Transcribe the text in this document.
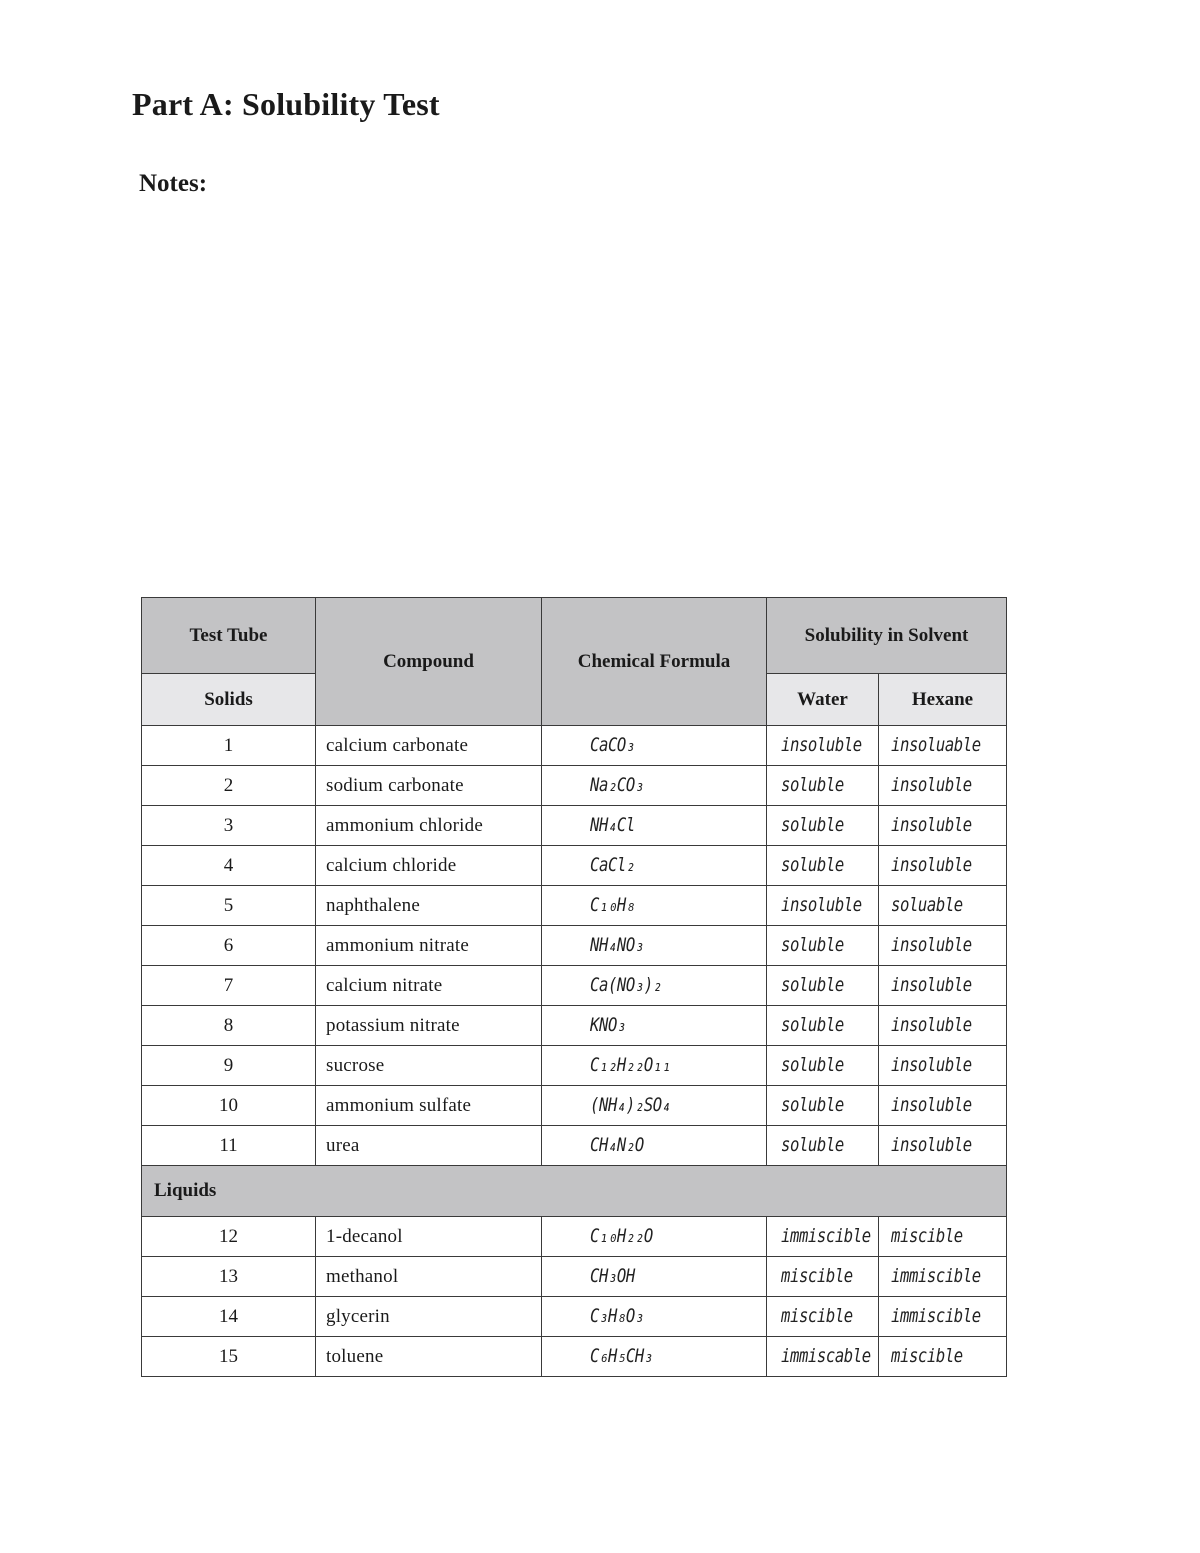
Part A: Solubility Test

Notes:

Test Tube	Compound	Chemical Formula	Solubility in Solvent	
Solids			Water	Hexane
1	calcium carbonate	CaCO₃	insoluble	insoluable
2	sodium carbonate	Na₂CO₃	soluble	insoluble
3	ammonium chloride	NH₄Cl	soluble	insoluble
4	calcium chloride	CaCl₂	soluble	insoluble
5	naphthalene	C₁₀H₈	insoluble	soluable
6	ammonium nitrate	NH₄NO₃	soluble	insoluble
7	calcium nitrate	Ca(NO₃)₂	soluble	insoluble
8	potassium nitrate	KNO₃	soluble	insoluble
9	sucrose	C₁₂H₂₂O₁₁	soluble	insoluble
10	ammonium sulfate	(NH₄)₂SO₄	soluble	insoluble
11	urea	CH₄N₂O	soluble	insoluble
Liquids				
12	1-decanol	C₁₀H₂₂O	immiscible	miscible
13	methanol	CH₃OH	miscible	immiscible
14	glycerin	C₃H₈O₃	miscible	immiscible
15	toluene	C₆H₅CH₃	immiscable	miscible
